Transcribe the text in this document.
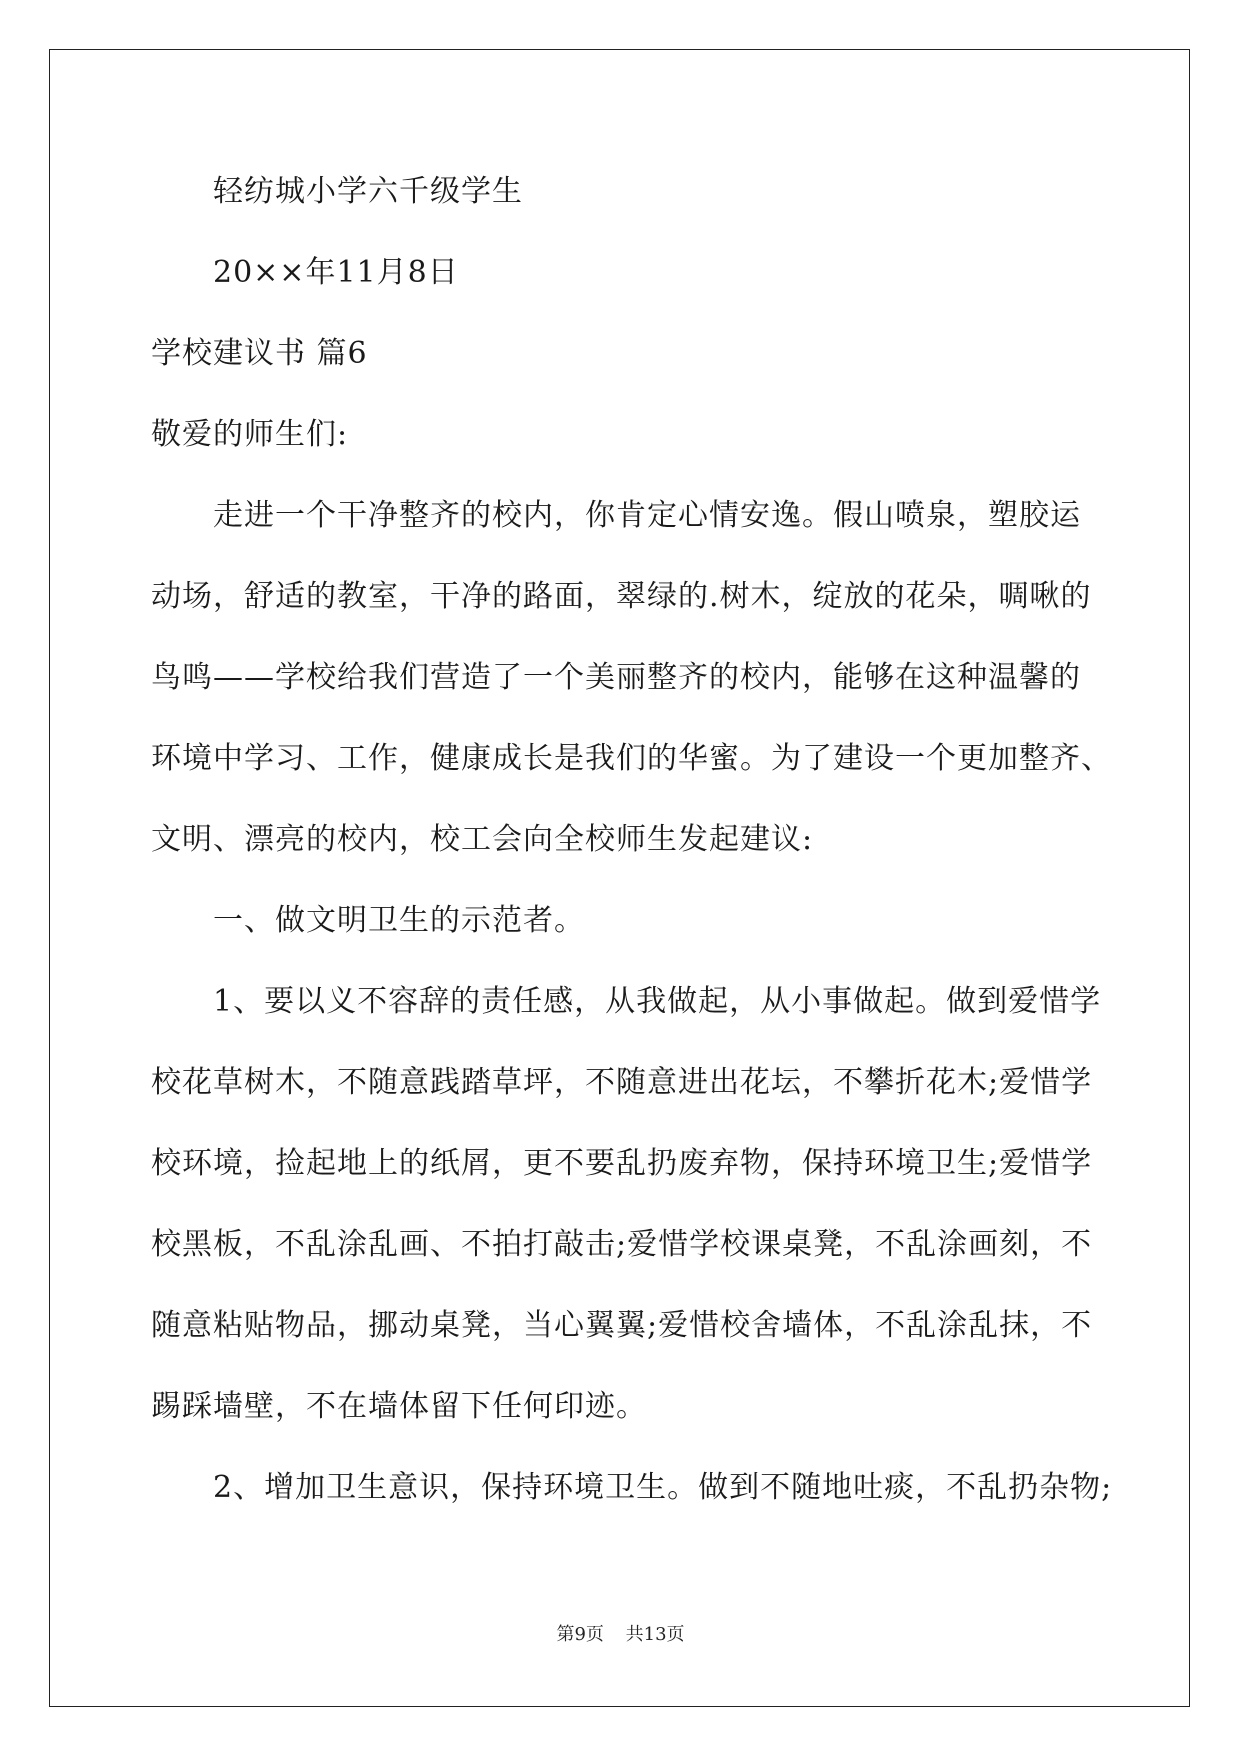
轻纺城小学六千级学生
20××年11月8日
学校建议书 篇6
敬爱的师生们:
走进一个干净整齐的校内，你肯定心情安逸。假山喷泉，塑胶运
动场，舒适的教室，干净的路面，翠绿的.树木，绽放的花朵，啁啾的
鸟鸣——学校给我们营造了一个美丽整齐的校内，能够在这种温馨的
环境中学习、工作，健康成长是我们的华蜜。为了建设一个更加整齐、
文明、漂亮的校内，校工会向全校师生发起建议:
一、做文明卫生的示范者。
1、要以义不容辞的责任感，从我做起，从小事做起。做到爱惜学
校花草树木，不随意践踏草坪，不随意进出花坛，不攀折花木;爱惜学
校环境，捡起地上的纸屑，更不要乱扔废弃物，保持环境卫生;爱惜学
校黑板，不乱涂乱画、不拍打敲击;爱惜学校课桌凳，不乱涂画刻，不
随意粘贴物品，挪动桌凳，当心翼翼;爱惜校舍墙体，不乱涂乱抹，不
踢踩墙壁，不在墙体留下任何印迹。
2、增加卫生意识，保持环境卫生。做到不随地吐痰，不乱扔杂物;
第9页 共13页
